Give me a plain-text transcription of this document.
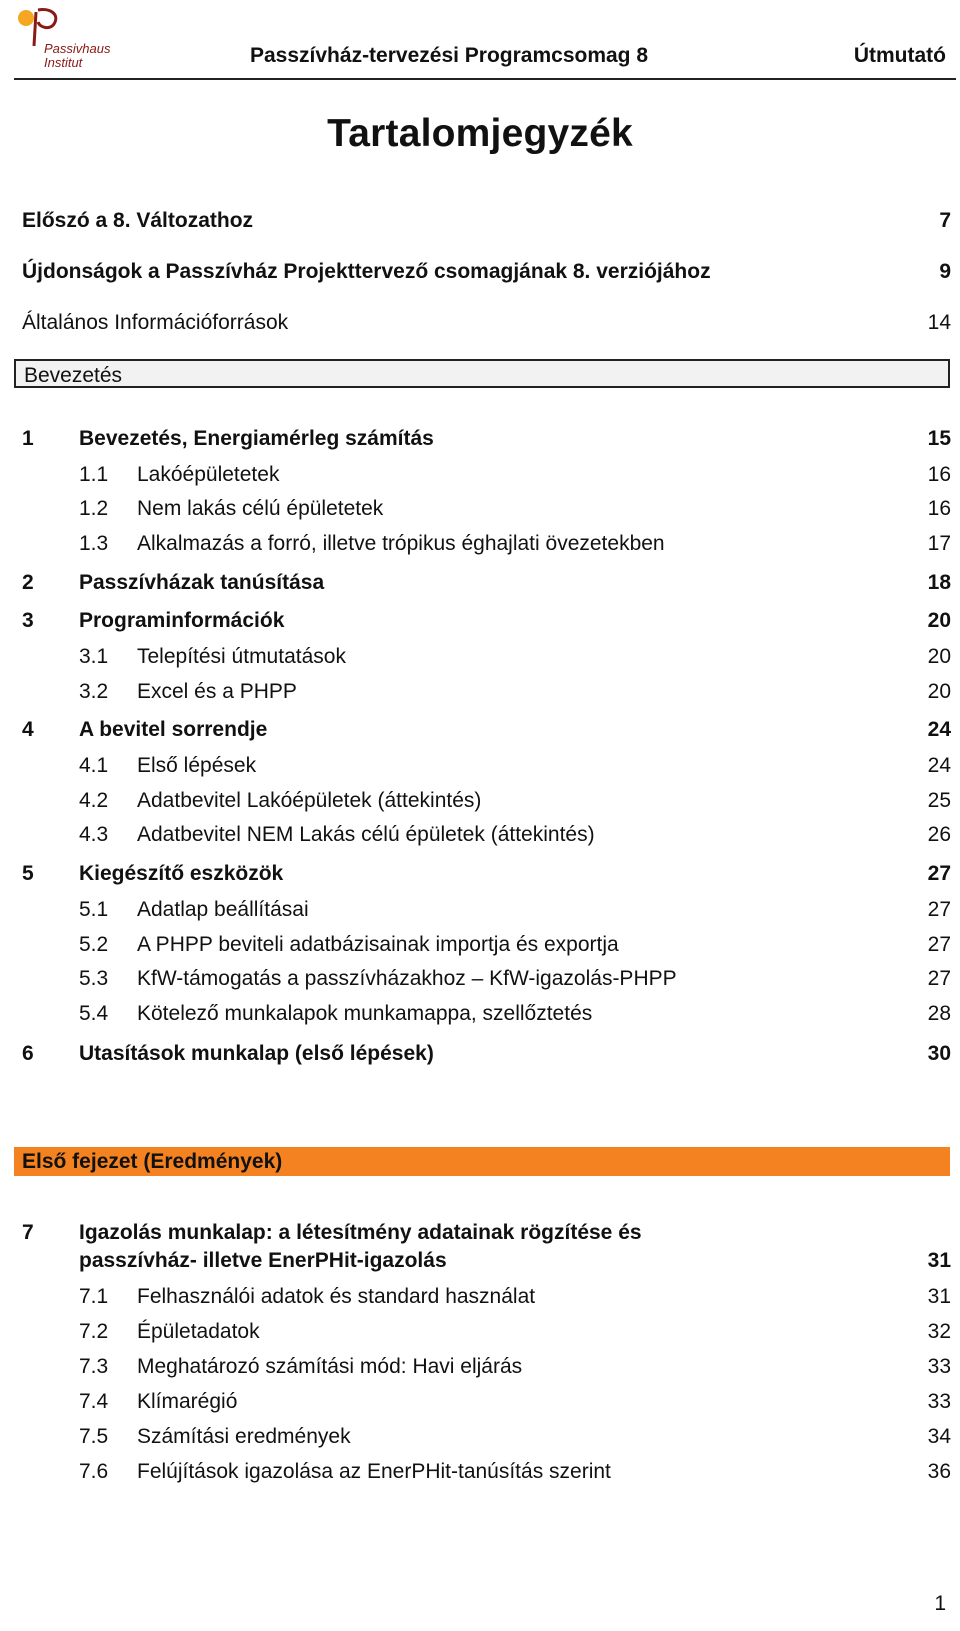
Passivhaus
Institut	Passzívház-tervezési Programcsomag 8	Útmutató
Tartalomjegyzék
Előszó a 8. Változathoz	7
Újdonságok a Passzívház Projekttervező csomagjának 8. verziójához	9
Általános Információforrások	14
Bevezetés
1 Bevezetés, Energiamérleg számítás	15
1.1 Lakóépületetek	16
1.2 Nem lakás célú épületetek	16
1.3 Alkalmazás a forró, illetve trópikus éghajlati övezetekben	17
2 Passzívházak tanúsítása	18
3 Programinformációk	20
3.1 Telepítési útmutatások	20
3.2 Excel és a PHPP	20
4 A bevitel sorrendje	24
4.1 Első lépések	24
4.2 Adatbevitel Lakóépületek (áttekintés)	25
4.3 Adatbevitel NEM Lakás célú épületek (áttekintés)	26
5 Kiegészítő eszközök	27
5.1 Adatlap beállításai	27
5.2 A PHPP beviteli adatbázisainak importja és exportja	27
5.3 KfW-támogatás a passzívházakhoz – KfW-igazolás-PHPP	27
5.4 Kötelező munkalapok munkamappa, szellőztetés	28
6 Utasítások munkalap (első lépések)	30
Első fejezet (Eredmények)
7 Igazolás munkalap: a létesítmény adatainak rögzítése és
passzívház- illetve EnerPHit-igazolás	31
7.1 Felhasználói adatok és standard használat	31
7.2 Épületadatok	32
7.3 Meghatározó számítási mód: Havi eljárás	33
7.4 Klímarégió	33
7.5 Számítási eredmények	34
7.6 Felújítások igazolása az EnerPHit-tanúsítás szerint	36
1
